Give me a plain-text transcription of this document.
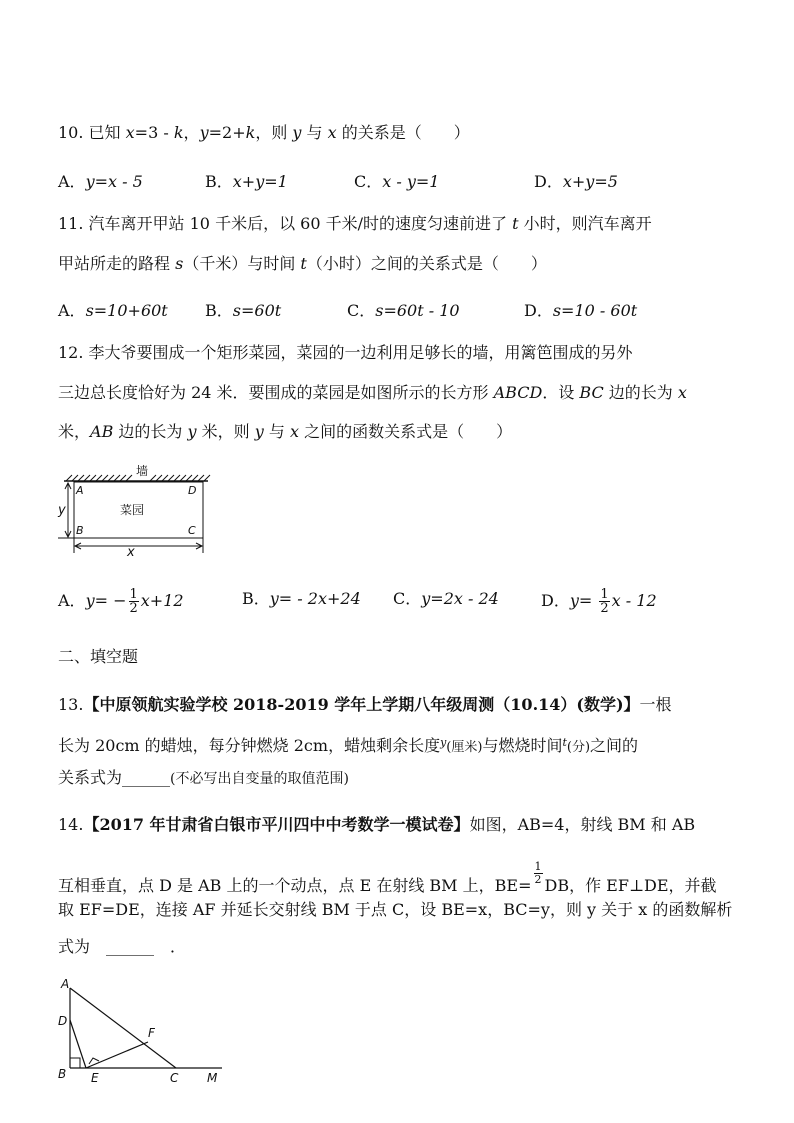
10. 已知 x=3 - k，y=2+k，则 y 与 x 的关系是（　　）
A．y=x - 5	B．x+y=1	C．x - y=1	D．x+y=5
11. 汽车离开甲站 10 千米后，以 60 千米/时的速度匀速前进了 t 小时，则汽车离开
甲站所走的路程 s（千米）与时间 t（小时）之间的关系式是（　　）
A．s=10+60t B．s=60t	C．s=60t - 10	D．s=10 - 60t
12. 李大爷要围成一个矩形菜园，菜园的一边利用足够长的墙，用篱笆围成的另外
三边总长度恰好为 24 米．要围成的菜园是如图所示的长方形 ABCD．设 BC 边的长为 x
米，AB 边的长为 y 米，则 y 与 x 之间的函数关系式是（　　）
墙
菜园
A	D
B	C
y
x
A．$y= - \frac{1}{2} x+12$	B．y= - 2x+24 C．y=2x - 24	D．$y= \frac{1}{2}$ x - 12
二、填空题
13.【中原领航实验学校 2018-2019 学年上学期八年级周测（10.14）(数学)】一根
长为 20cm 的蜡烛，每分钟燃烧 2cm，蜡烛剩余长度$^y$(厘米)与燃烧时间$^t$(分)之间的
关系式为______(不必写出自变量的取值范围)
14.【2017 年甘肃省白银市平川四中中考数学一模试卷】如图，AB=4，射线 BM 和 AB
互相垂直，点 D 是 AB 上的一个动点，点 E 在射线 BM 上，$BE= \frac{1}{2}$ DB，作 EF⊥DE，并截
取 EF=DE，连接 AF 并延长交射线 BM 于点 C，设 BE=x，BC=y，则 y 关于 x 的函数解析
式为　______　．
A
D
B E
F
C M
